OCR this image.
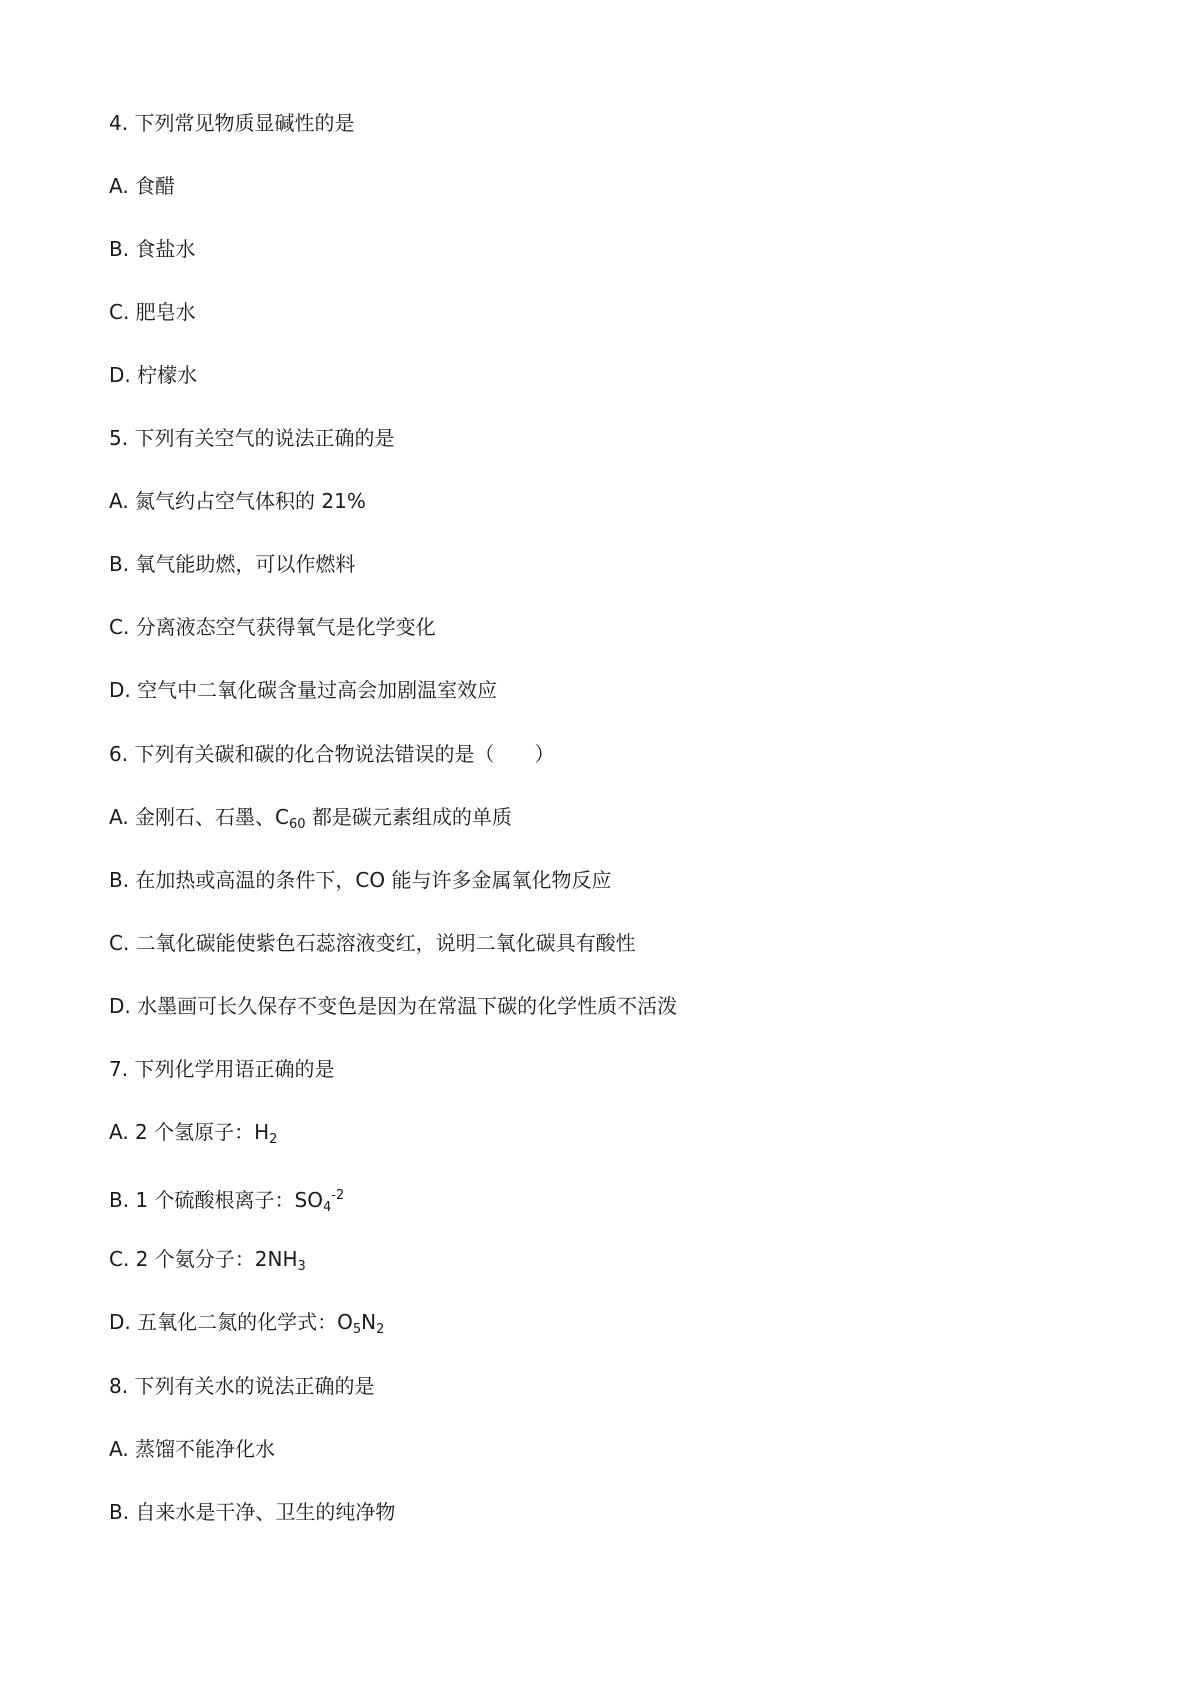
4. 下列常见物质显碱性的是
A. 食醋
B. 食盐水
C. 肥皂水
D. 柠檬水
5. 下列有关空气的说法正确的是
A. 氮气约占空气体积的 21%
B. 氧气能助燃，可以作燃料
C. 分离液态空气获得氧气是化学变化
D. 空气中二氧化碳含量过高会加剧温室效应
6. 下列有关碳和碳的化合物说法错误的是（　　）
A. 金刚石、石墨、$C_{60}$ 都是碳元素组成的单质
B. 在加热或高温的条件下，CO 能与许多金属氧化物反应
C. 二氧化碳能使紫色石蕊溶液变红，说明二氧化碳具有酸性
D. 水墨画可长久保存不变色是因为在常温下碳的化学性质不活泼
7. 下列化学用语正确的是
A. 2 个氢原子：$H_2$
B. 1 个硫酸根离子：$SO_4^{-2}$
C. 2 个氨分子：$2NH_3$
D. 五氧化二氮的化学式：$O_5N_2$
8. 下列有关水的说法正确的是
A. 蒸馏不能净化水
B. 自来水是干净、卫生的纯净物
